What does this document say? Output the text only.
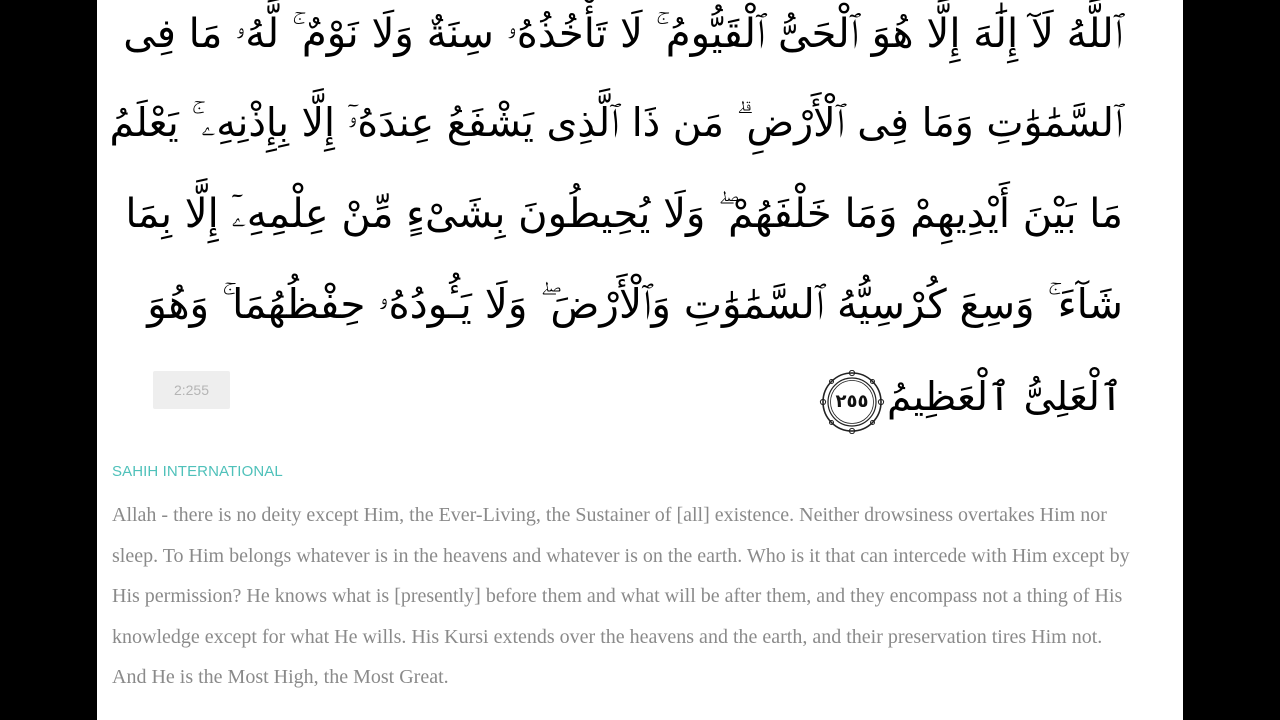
ٱللَّهُ لَآ إِلَٰهَ إِلَّا هُوَ ٱلْحَىُّ ٱلْقَيُّومُ ۚ لَا تَأْخُذُهُۥ سِنَةٌ وَلَا نَوْمٌ ۚ لَّهُۥ مَا فِى

ٱلسَّمَٰوَٰتِ وَمَا فِى ٱلْأَرْضِ ۗ مَن ذَا ٱلَّذِى يَشْفَعُ عِندَهُۥٓ إِلَّا بِإِذْنِهِۦ ۚ يَعْلَمُ

مَا بَيْنَ أَيْدِيهِمْ وَمَا خَلْفَهُمْ ۖ وَلَا يُحِيطُونَ بِشَىْءٍ مِّنْ عِلْمِهِۦٓ إِلَّا بِمَا

شَآءَ ۚ وَسِعَ كُرْسِيُّهُ ٱلسَّمَٰوَٰتِ وَٱلْأَرْضَ ۖ وَلَا يَـُٔودُهُۥ حِفْظُهُمَا ۚ وَهُوَ

ٱلْعَلِىُّ ٱلْعَظِيمُ

٢٥٥
2:255
SAHIH INTERNATIONAL

Allah - there is no deity except Him, the Ever-Living, the Sustainer of [all] existence. Neither drowsiness overtakes Him nor sleep. To Him belongs whatever is in the heavens and whatever is on the earth. Who is it that can intercede with Him except by His permission? He knows what is [presently] before them and what will be after them, and they encompass not a thing of His knowledge except for what He wills. His Kursi extends over the heavens and the earth, and their preservation tires Him not. And He is the Most High, the Most Great.
